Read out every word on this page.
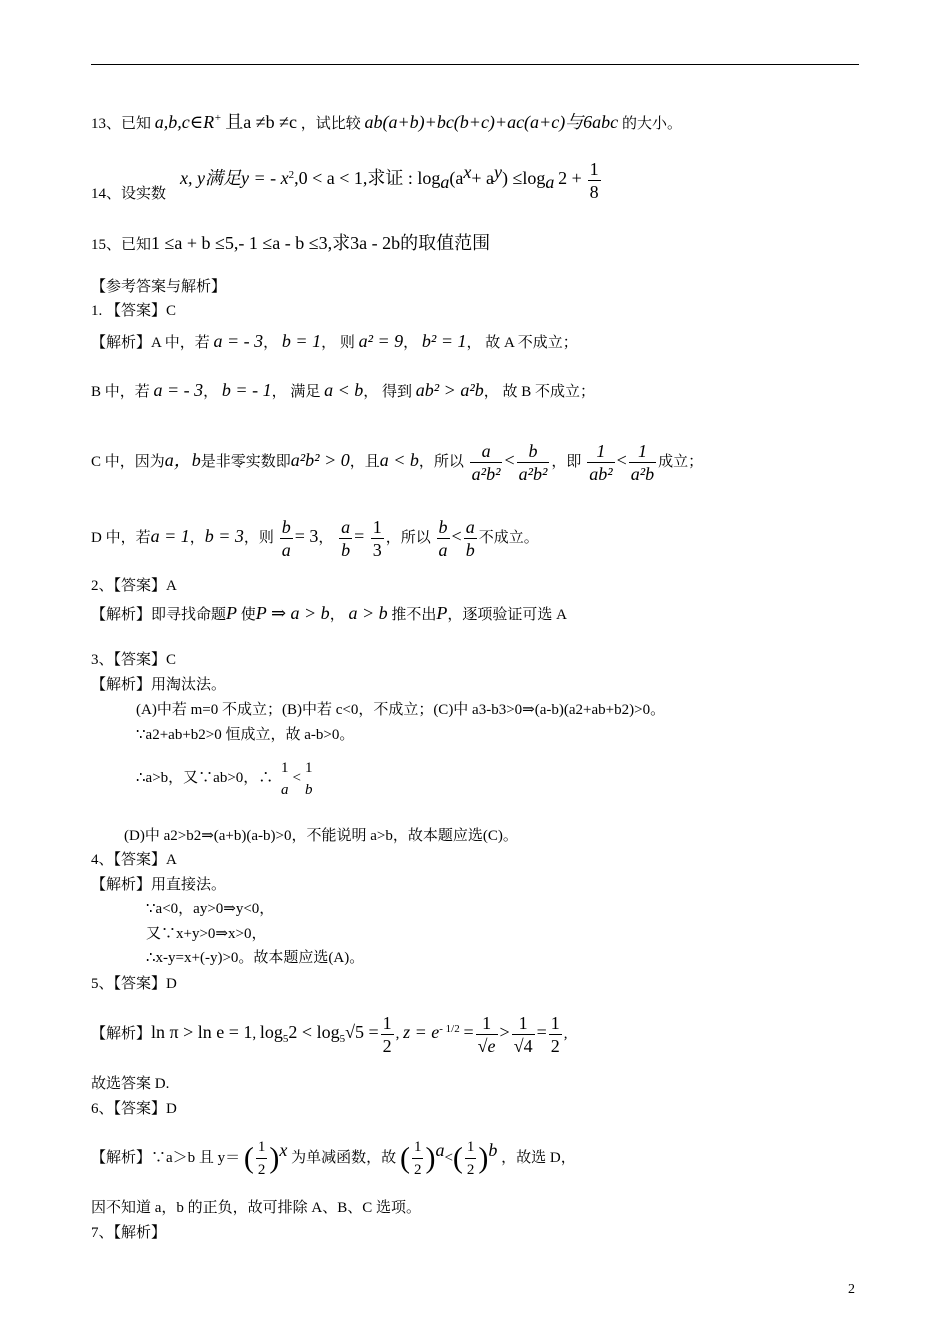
13、已知 a,b,c∈R+ 且a ≠b ≠c ，试比较 ab(a+b)+bc(b+c)+ac(a+c)与6abc 的大小。
x, y满足y = - $x^2,0 < a < 1$,求证 : $\log_a(a^x+ a^y) \le\log_a$ $2 + \frac{1}{8}$
14、设实数
15、已知1 ≤a + b ≤5,- 1 ≤a - b ≤3,求3a - 2b的取值范围
【参考答案与解析】
1. 【答案】C
【解析】A 中，若 a = - 3， b = 1， 则 a² = 9， b² = 1， 故 A 不成立；
B 中，若 a = - 3， b = - 1， 满足 a < b， 得到 ab² > a²b， 故 B 不成立；
C 中，因为a，b是非零实数即a²b² > 0，且a < b，所以 $\frac{a}{\text{a²b²}} < \frac{b}{\text{a²b²}}$ ，即 $\frac{1}{\text{ab²}} < \frac{1}{\text{a²b}}$ 成立；
D 中，若a = 1，b = 3，则 $\frac{b}{a} = 3$， $\frac{a}{b} = \frac{1}{3}$ ，所以 $\frac{b}{a} < \frac{a}{b}$ 不成立。
2、【答案】A
【解析】即寻找命题P 使P ⇒ a > b， a > b 推不出P，逐项验证可选 A
3、【答案】C
【解析】用淘汰法。
(A)中若 m=0 不成立；(B)中若 c<0，不成立；(C)中 a3-b3>0⇒(a-b)(a2+ab+b2)>0。
∵a2+ab+b2>0 恒成立，故 a-b>0。
∴a>b，又∵ab>0，∴
1
a
<
1
b
(D)中 a2>b2⇒(a+b)(a-b)>0，不能说明 a>b，故本题应选(C)。
4、【答案】A
【解析】用直接法。
∵a<0，ay>0⇒y<0，
又∵x+y>0⇒x>0，
∴x-y=x+(-y)>0。故本题应选(A)。
5、【答案】D
【解析】ln π > ln e = 1, $\log_52 < \log_5√5 = \frac{1}{2}$ , $z = e^{- 1/2} = \frac{1}{√e} > \frac{1}{√4} = \frac{1}{2}$ ,
故选答案 D.
6、【答案】D
【解析】∵a＞b 且 y＝ ( $\frac{1}{2} )^x$ 为单减函数，故 ( $\frac{1}{2} )^a<( \frac{1}{2} )^b$ ，故选 D，
因不知道 a，b 的正负，故可排除 A、B、C 选项。
7、【解析】
2
